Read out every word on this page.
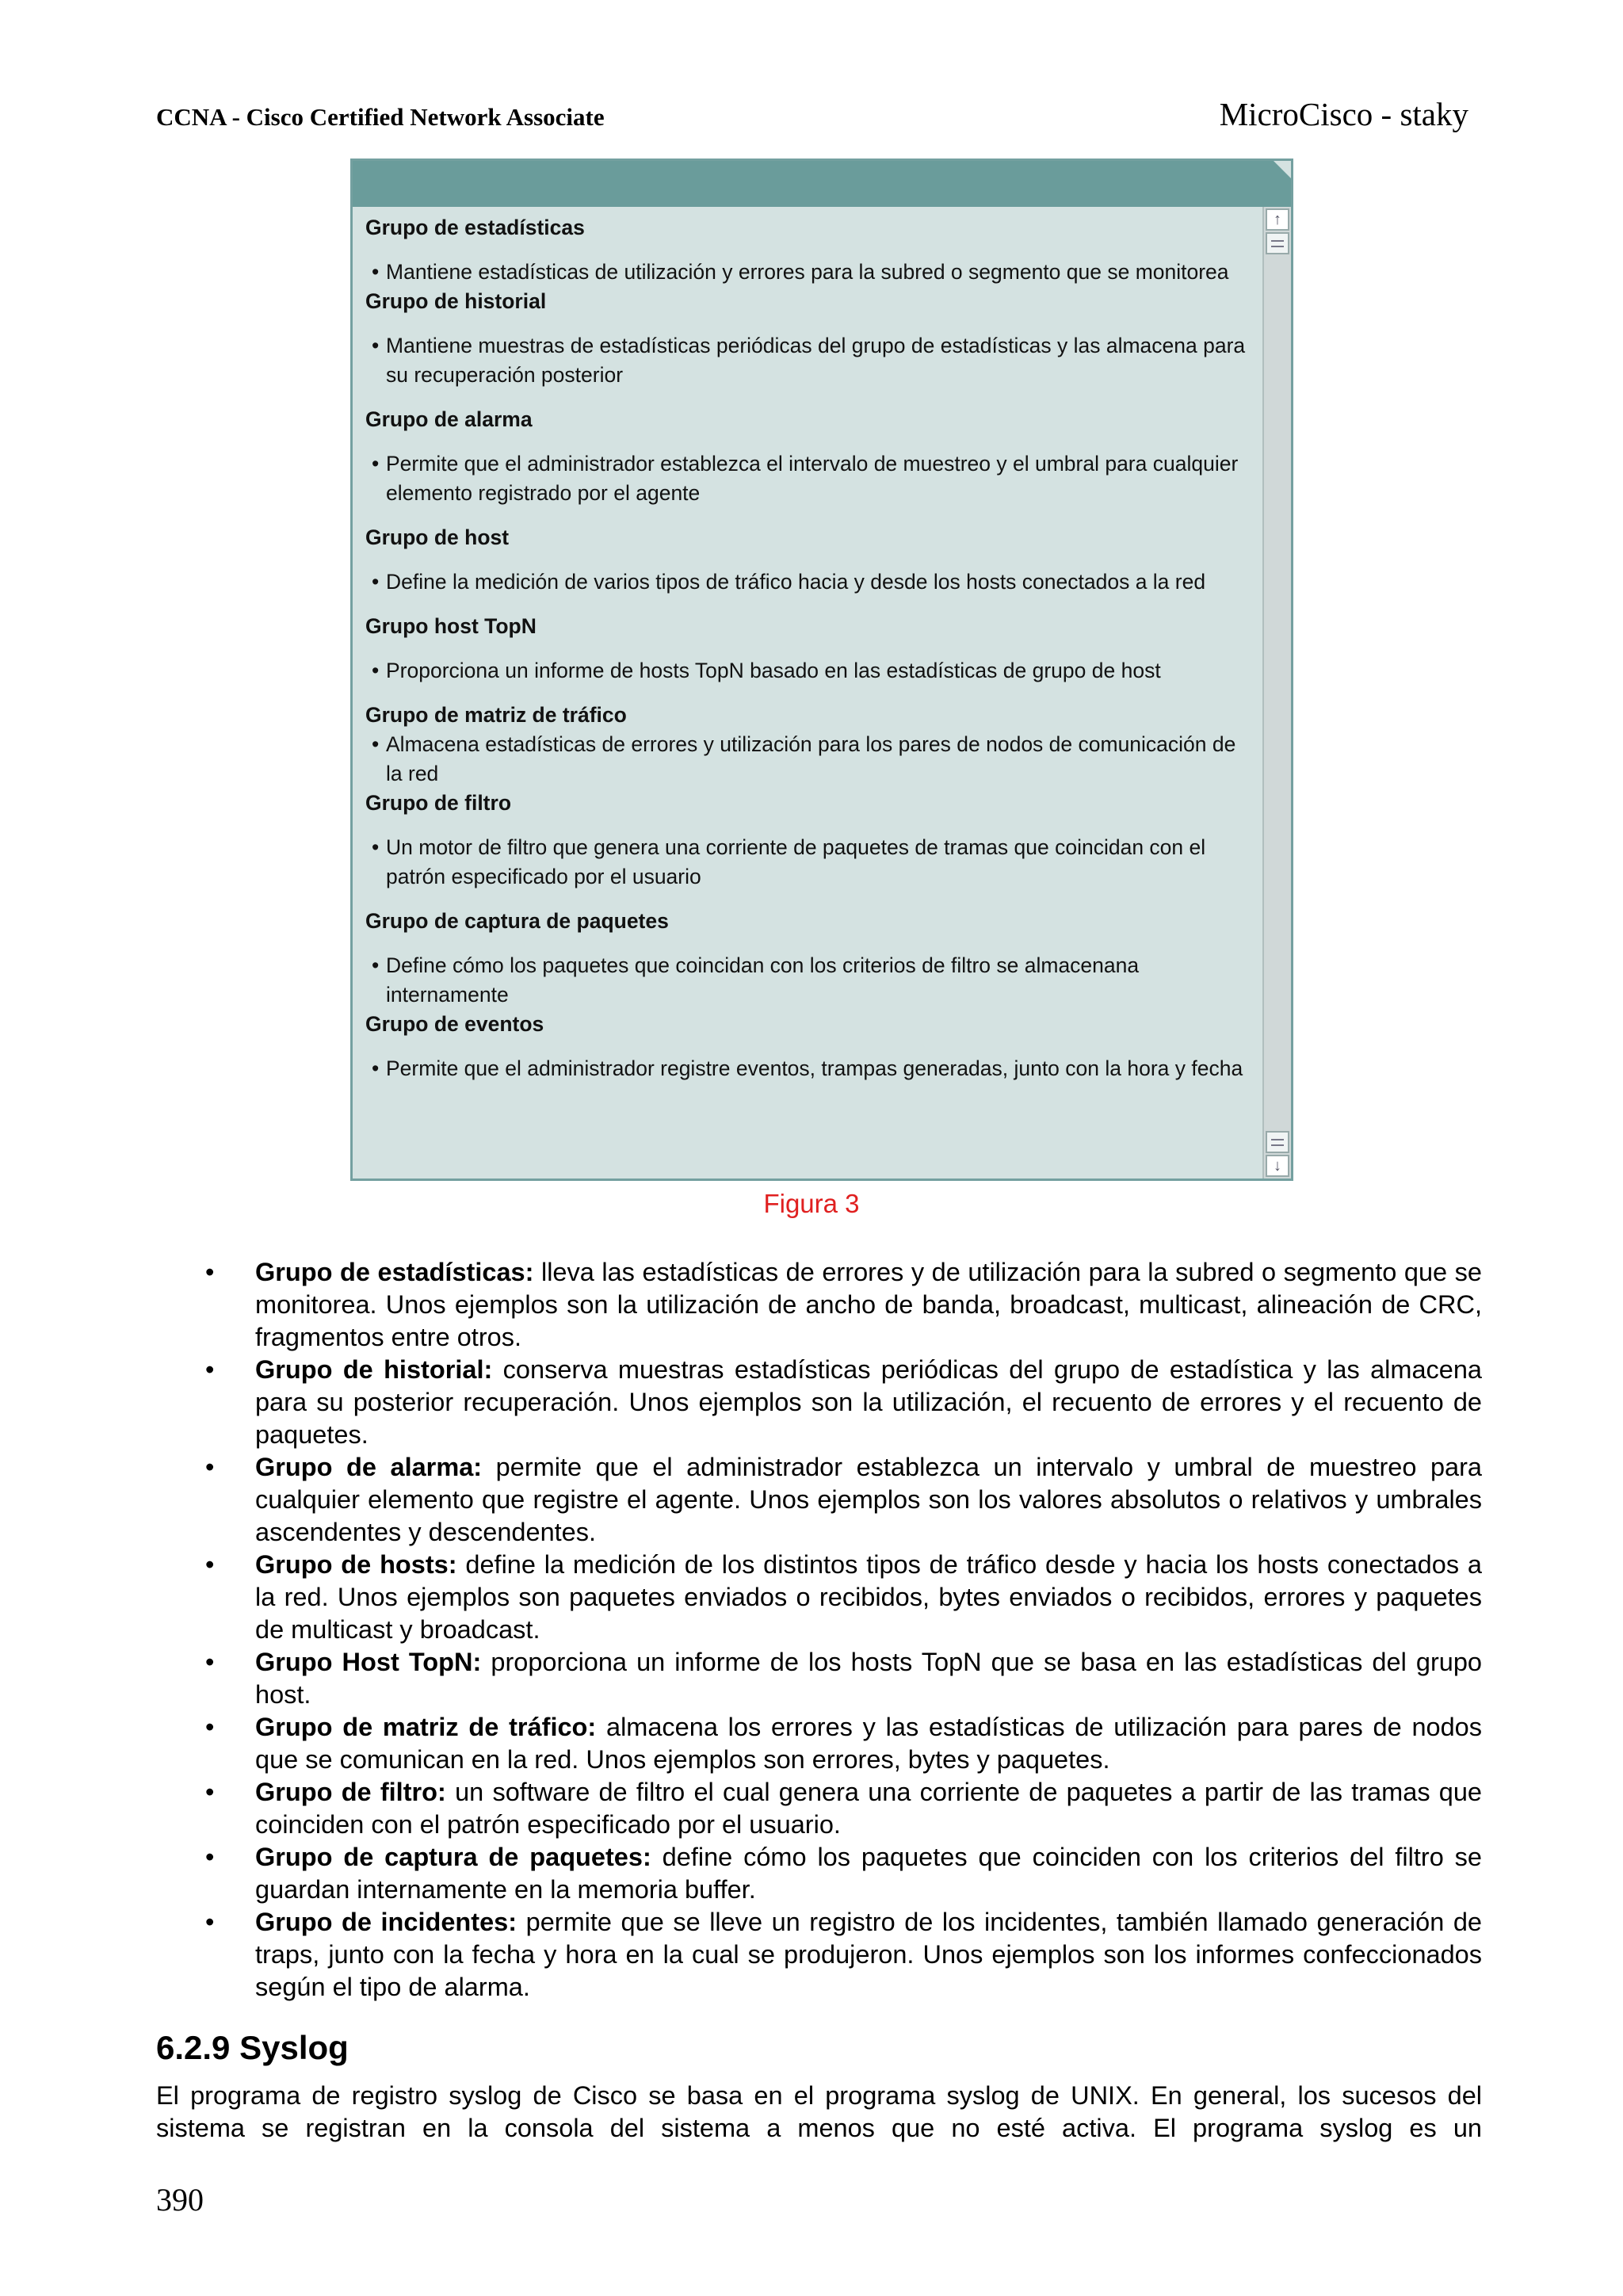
CCNA - Cisco Certified Network Associate	MicroCisco - staky
Grupo de estadísticas
• Mantiene estadísticas de utilización y errores para la subred o segmento que se monitorea
Grupo de historial
• Mantiene muestras de estadísticas periódicas del grupo de estadísticas y las almacena para su recuperación posterior
Grupo de alarma
• Permite que el administrador establezca el intervalo de muestreo y el umbral para cualquier elemento registrado por el agente
Grupo de host
• Define la medición de varios tipos de tráfico hacia y desde los hosts conectados a la red
Grupo host TopN
• Proporciona un informe de hosts TopN basado en las estadísticas de grupo de host
Grupo de matriz de tráfico
• Almacena estadísticas de errores y utilización para los pares de nodos de comunicación de la red
Grupo de filtro
• Un motor de filtro que genera una corriente de paquetes de tramas que coincidan con el patrón especificado por el usuario
Grupo de captura de paquetes
• Define cómo los paquetes que coincidan con los criterios de filtro se almacenana internamente
Grupo de eventos
• Permite que el administrador registre eventos, trampas generadas, junto con la hora y fecha
↑
↓
Figura 3
• Grupo de estadísticas: lleva las estadísticas de errores y de utilización para la subred o segmento que se monitorea. Unos ejemplos son la utilización de ancho de banda, broadcast, multicast, alineación de CRC, fragmentos entre otros.
• Grupo de historial: conserva muestras estadísticas periódicas del grupo de estadística y las almacena para su posterior recuperación. Unos ejemplos son la utilización, el recuento de errores y el recuento de paquetes.
• Grupo de alarma: permite que el administrador establezca un intervalo y umbral de muestreo para cualquier elemento que registre el agente. Unos ejemplos son los valores absolutos o relativos y umbrales ascendentes y descendentes.
• Grupo de hosts: define la medición de los distintos tipos de tráfico desde y hacia los hosts conectados a la red. Unos ejemplos son paquetes enviados o recibidos, bytes enviados o recibidos, errores y paquetes de multicast y broadcast.
• Grupo Host TopN: proporciona un informe de los hosts TopN que se basa en las estadísticas del grupo host.
• Grupo de matriz de tráfico: almacena los errores y las estadísticas de utilización para pares de nodos que se comunican en la red. Unos ejemplos son errores, bytes y paquetes.
• Grupo de filtro: un software de filtro el cual genera una corriente de paquetes a partir de las tramas que coinciden con el patrón especificado por el usuario.
• Grupo de captura de paquetes: define cómo los paquetes que coinciden con los criterios del filtro se guardan internamente en la memoria buffer.
• Grupo de incidentes: permite que se lleve un registro de los incidentes, también llamado generación de traps, junto con la fecha y hora en la cual se produjeron. Unos ejemplos son los informes confeccionados según el tipo de alarma.
6.2.9 Syslog
El programa de registro syslog de Cisco se basa en el programa syslog de UNIX. En general, los sucesos del sistema se registran en la consola del sistema a menos que no esté activa. El programa syslog es un
390
